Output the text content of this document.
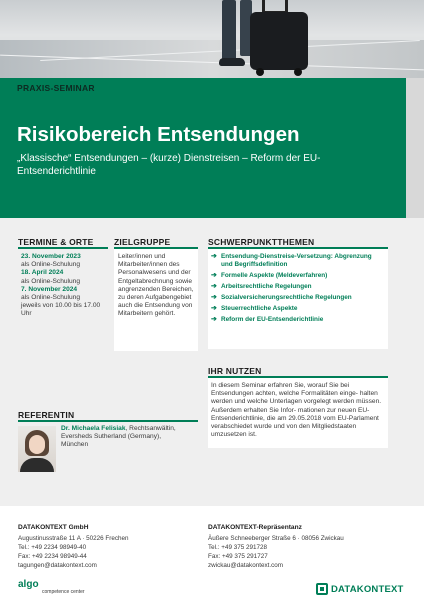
PRAXIS-SEMINAR
Risikobereich Entsendungen
„Klassische“ Entsendungen – (kurze) Dienstreisen – Reform der EU-Entsenderichtlinie
TERMINE & ORTE
23. November 2023
als Online-Schulung
18. April 2024
als Online-Schulung
7. November 2024
als Online-Schulung
jeweils von 10.00 bis 17.00 Uhr
ZIELGRUPPE
Leiter/innen und Mitarbeiter/innen des Personalwesens und der Entgeltabrechnung sowie angrenzenden Bereichen, zu deren Aufgabengebiet auch die Entsendung von Mitarbeitern gehört.
SCHWERPUNKTTHEMEN
➔ Entsendung-Dienstreise-Versetzung: Abgrenzung und Begriffsdefinition
➔ Formelle Aspekte (Meldeverfahren)
➔ Arbeitsrechtliche Regelungen
➔ Sozialversicherungsrechtliche Regelungen
➔ Steuerrechtliche Aspekte
➔ Reform der EU-Entsenderichtlinie
IHR NUTZEN
In diesem Seminar erfahren Sie, worauf Sie bei Entsendungen achten, welche Formalitäten einge- halten werden und welche Unterlagen vorgelegt werden müssen. Außerdem erhalten Sie Infor- mationen zur neuen EU-Entsenderichtlinie, die am 29.05.2018 vom EU-Parlament verabschiedet wurde und von den Mitgliedstaaten umzusetzen ist.
REFERENTIN
Dr. Michaela Felisiak, Rechtsanwältin,
Eversheds Sutherland (Germany),
München
DATAKONTEXT GmbH
Augustinusstraße 11 A · 50226 Frechen
Tel.: +49 2234 98949-40
Fax: +49 2234 98949-44
tagungen@datakontext.com
DATAKONTEXT-Repräsentanz
Äußere Schneeberger Straße 6 · 08056 Zwickau
Tel.: +49 375 291728
Fax: +49 375 291727
zwickau@datakontext.com
algo
competence center	DATAKONTEXT
